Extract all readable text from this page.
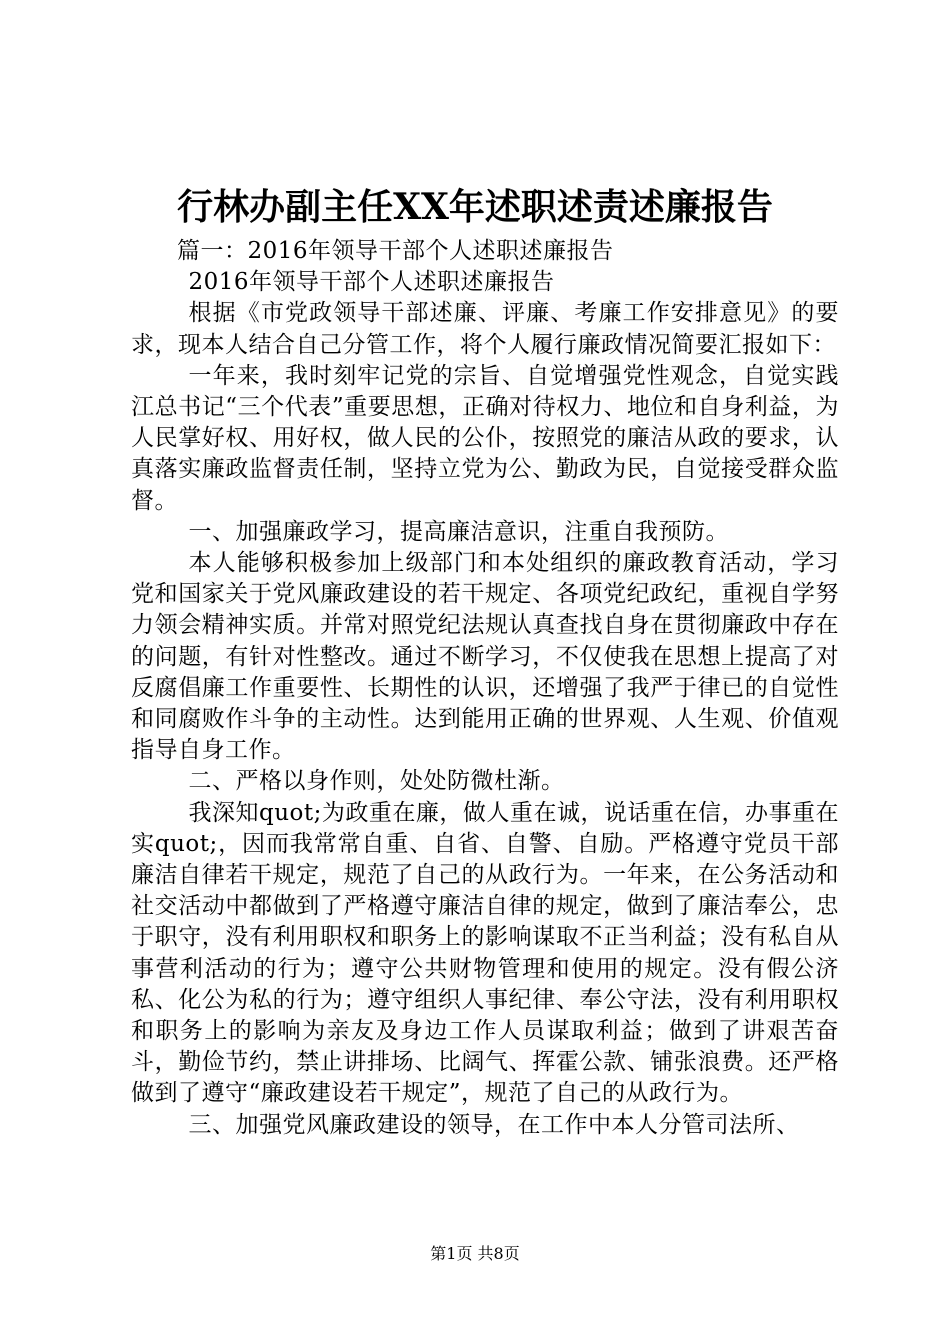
行林办副主任XX年述职述责述廉报告

篇一：2016年领导干部个人述职述廉报告

2016年领导干部个人述职述廉报告

根据《市党政领导干部述廉、评廉、考廉工作安排意见》的要求，现本人结合自己分管工作，将个人履行廉政情况简要汇报如下：

一年来，我时刻牢记党的宗旨、自觉增强党性观念，自觉实践江总书记“三个代表”重要思想，正确对待权力、地位和自身利益，为人民掌好权、用好权，做人民的公仆，按照党的廉洁从政的要求，认真落实廉政监督责任制，坚持立党为公、勤政为民，自觉接受群众监督。

一、加强廉政学习，提高廉洁意识，注重自我预防。

本人能够积极参加上级部门和本处组织的廉政教育活动，学习党和国家关于党风廉政建设的若干规定、各项党纪政纪，重视自学努力领会精神实质。并常对照党纪法规认真查找自身在贯彻廉政中存在的问题，有针对性整改。通过不断学习，不仅使我在思想上提高了对反腐倡廉工作重要性、长期性的认识，还增强了我严于律已的自觉性和同腐败作斗争的主动性。达到能用正确的世界观、人生观、价值观指导自身工作。

二、严格以身作则，处处防微杜渐。

我深知quot;为政重在廉，做人重在诚，说话重在信，办事重在实quot;，因而我常常自重、自省、自警、自励。严格遵守党员干部廉洁自律若干规定，规范了自己的从政行为。一年来，在公务活动和社交活动中都做到了严格遵守廉洁自律的规定，做到了廉洁奉公，忠于职守，没有利用职权和职务上的影响谋取不正当利益；没有私自从事营利活动的行为；遵守公共财物管理和使用的规定。没有假公济私、化公为私的行为；遵守组织人事纪律、奉公守法，没有利用职权和职务上的影响为亲友及身边工作人员谋取利益；做到了讲艰苦奋斗，勤俭节约，禁止讲排场、比阔气、挥霍公款、铺张浪费。还严格做到了遵守“廉政建设若干规定”，规范了自己的从政行为。

三、加强党风廉政建设的领导，在工作中本人分管司法所、

第1页 共8页
